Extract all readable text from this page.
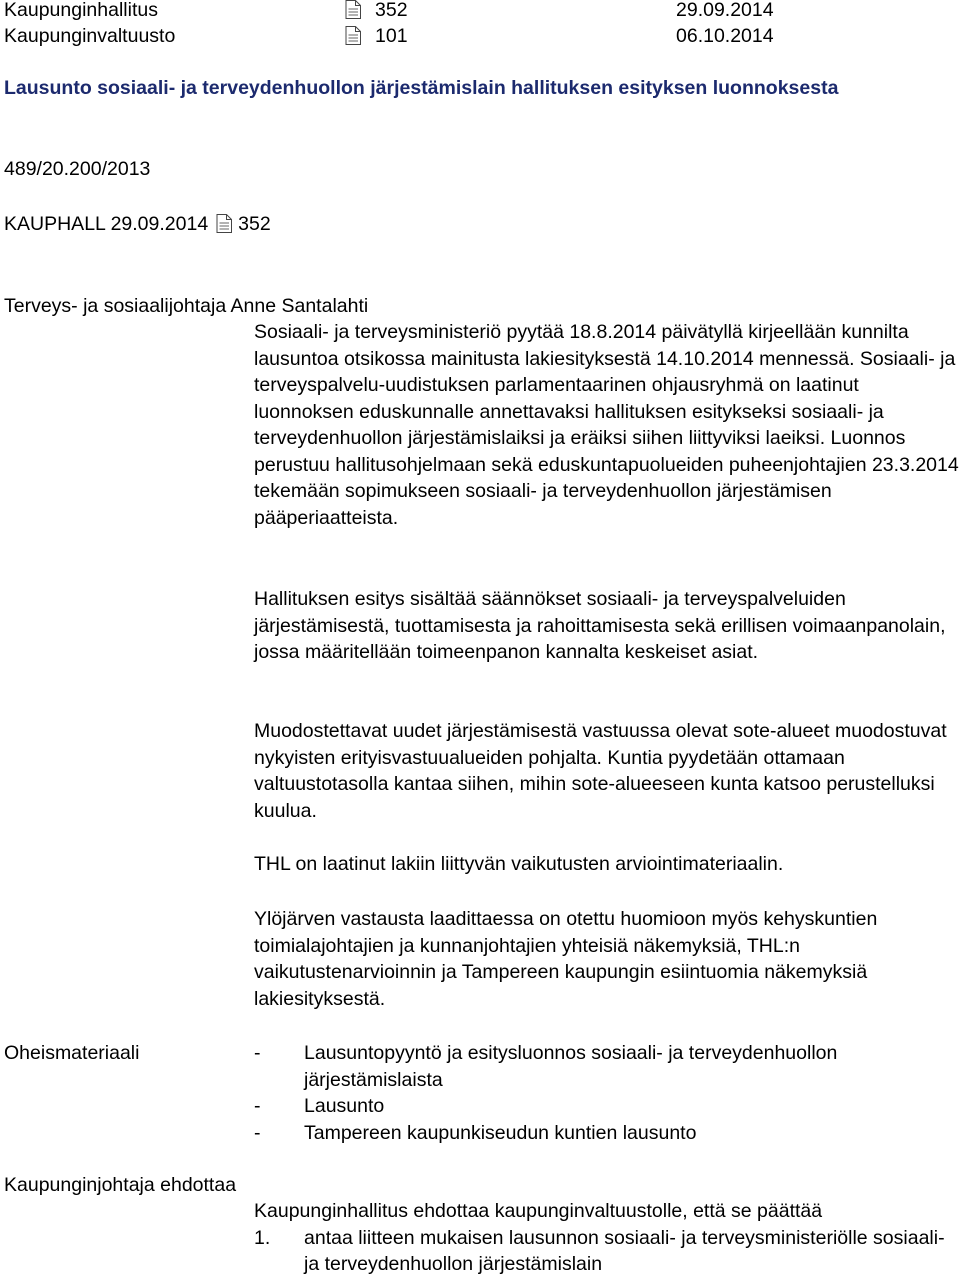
Kaupunginhallitus	352	29.09.2014
Kaupunginvaltuusto	101	06.10.2014
Lausunto sosiaali- ja terveydenhuollon järjestämislain hallituksen esityksen luonnoksesta
489/20.200/2013
KAUPHALL 29.09.2014 352
Terveys- ja sosiaalijohtaja Anne Santalahti
Sosiaali- ja terveysministeriö pyytää 18.8.2014 päivätyllä kirjeellään kunnilta lausuntoa otsikossa mainitusta lakiesityksestä 14.10.2014 mennessä. Sosiaali- ja terveyspalvelu-uudistuksen parlamentaarinen ohjausryhmä on laatinut luonnoksen eduskunnalle annettavaksi hallituksen esitykseksi sosiaali- ja terveydenhuollon järjestämislaiksi ja eräiksi siihen liittyviksi laeiksi. Luonnos perustuu hallitusohjelmaan sekä eduskuntapuolueiden puheenjohtajien 23.3.2014 tekemään sopimukseen sosiaali- ja terveydenhuollon järjestämisen pääperiaatteista.
Hallituksen esitys sisältää säännökset sosiaali- ja terveyspalveluiden järjestämisestä, tuottamisesta ja rahoittamisesta sekä erillisen voimaanpanolain, jossa määritellään toimeenpanon kannalta keskeiset asiat.
Muodostettavat uudet järjestämisestä vastuussa olevat sote-alueet muodostuvat nykyisten erityisvastuualueiden pohjalta. Kuntia pyydetään ottamaan valtuustotasolla kantaa siihen, mihin sote-alueeseen kunta katsoo perustelluksi kuulua.
THL on laatinut lakiin liittyvän vaikutusten arviointimateriaalin.
Ylöjärven vastausta laadittaessa on otettu huomioon myös kehyskuntien toimialajohtajien ja kunnanjohtajien yhteisiä näkemyksiä, THL:n vaikutustenarvioinnin ja Tampereen kaupungin esiintuomia näkemyksiä lakiesityksestä.
Oheismateriaali	- Lausuntopyyntö ja esitysluonnos sosiaali- ja terveydenhuollon järjestämislaista
- Lausunto
- Tampereen kaupunkiseudun kuntien lausunto
Kaupunginjohtaja ehdottaa
Kaupunginhallitus ehdottaa kaupunginvaltuustolle, että se päättää
1. antaa liitteen mukaisen lausunnon sosiaali- ja terveysministeriölle sosiaali- ja terveydenhuollon järjestämislain
